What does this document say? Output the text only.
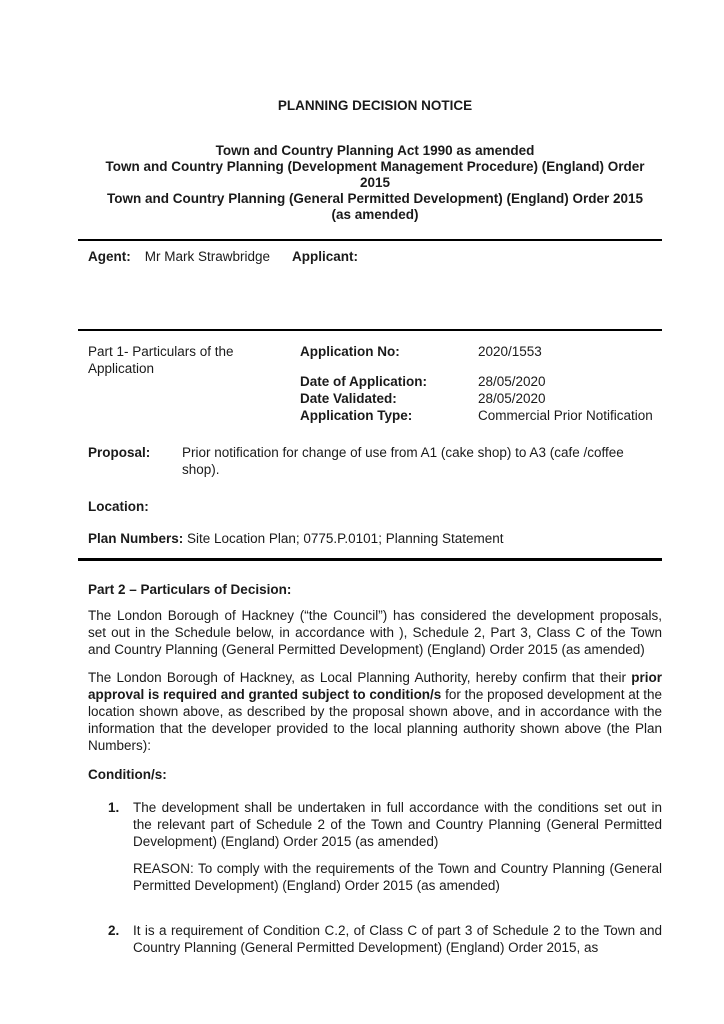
PLANNING DECISION NOTICE
Town and Country Planning Act 1990 as amended
Town and Country Planning (Development Management Procedure) (England) Order
2015
Town and Country Planning (General Permitted Development) (England) Order 2015
(as amended)
Agent: Mr Mark Strawbridge Applicant:
Part 1- Particulars of the Application
Application No:	2020/1553
Date of Application:	28/05/2020
Date Validated:	28/05/2020
Application Type:	Commercial Prior Notification
Proposal:	Prior notification for change of use from A1 (cake shop) to A3 (cafe /coffee shop).
Location:
Plan Numbers: Site Location Plan; 0775.P.0101; Planning Statement
Part 2 – Particulars of Decision:
The London Borough of Hackney (“the Council”) has considered the development proposals, set out in the Schedule below, in accordance with ), Schedule 2, Part 3, Class C of the Town and Country Planning (General Permitted Development) (England) Order 2015 (as amended)
The London Borough of Hackney, as Local Planning Authority, hereby confirm that their prior approval is required and granted subject to condition/s for the proposed development at the location shown above, as described by the proposal shown above, and in accordance with the information that the developer provided to the local planning authority shown above (the Plan Numbers):
Condition/s:
1.	The development shall be undertaken in full accordance with the conditions set out in the relevant part of Schedule 2 of the Town and Country Planning (General Permitted Development) (England) Order 2015 (as amended)
REASON: To comply with the requirements of the Town and Country Planning (General Permitted Development) (England) Order 2015 (as amended)
2.	It is a requirement of Condition C.2, of Class C of part 3 of Schedule 2 to the Town and Country Planning (General Permitted Development) (England) Order 2015, as
